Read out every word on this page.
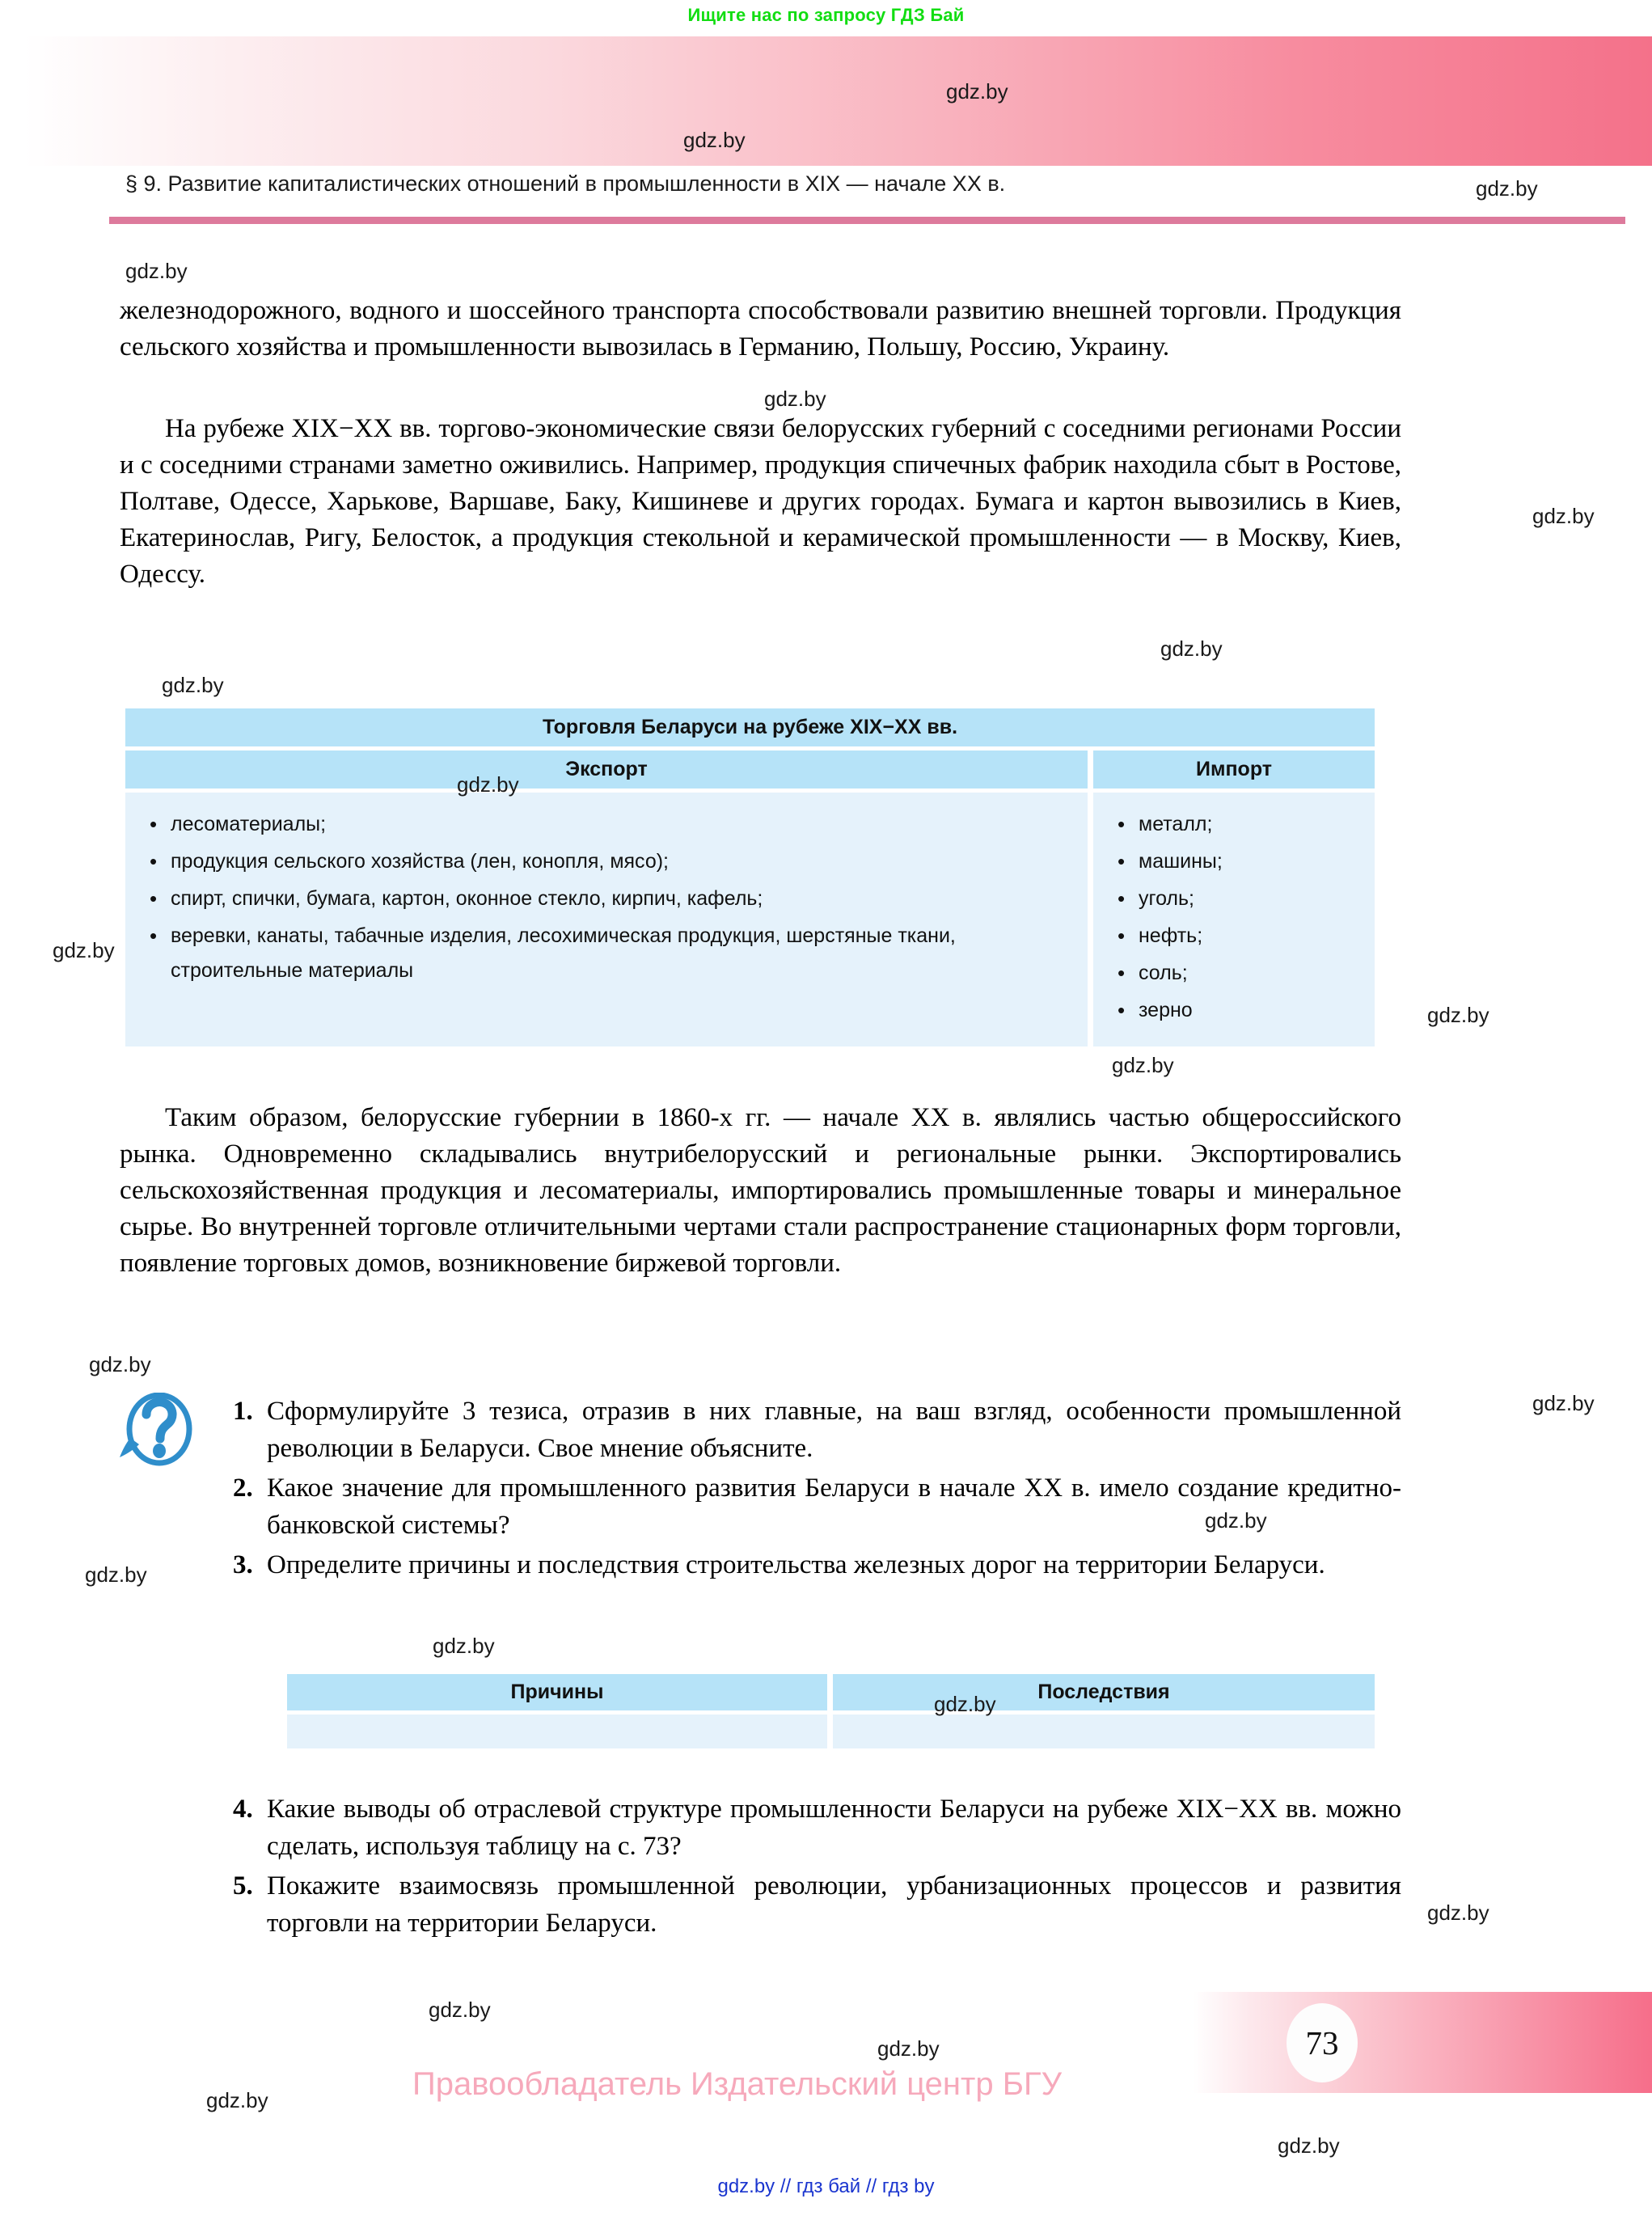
Ищите нас по запросу ГДЗ Бай
§ 9. Развитие капиталистических отношений в промышленности в XIX — начале XX в.

железнодорожного, водного и шоссейного транспорта способствовали развитию внешней торговли. Продукция сельского хозяйства и промышленности вывозилась в Германию, Польшу, Россию, Украину.

На рубеже XIX−XX вв. торгово-экономические связи белорусских губерний с соседними регионами России и с соседними странами заметно оживились. Например, продукция спичечных фабрик находила сбыт в Ростове, Полтаве, Одессе, Харькове, Варшаве, Баку, Кишиневе и других городах. Бумага и картон вывозились в Киев, Екатеринослав, Ригу, Белосток, а продукция стекольной и керамической промышленности — в Москву, Киев, Одессу.

Торговля Беларуси на рубеже XIX−XX вв.
Экспорт	Импорт
• лесоматериалы;
• продукция сельского хозяйства (лен, конопля, мясо);
• спирт, спички, бумага, картон, оконное стекло, кирпич, кафель;
• веревки, канаты, табачные изделия, лесохимическая продукция, шерстяные ткани, строительные материалы
• металл;
• машины;
• уголь;
• нефть;
• соль;
• зерно

Таким образом, белорусские губернии в 1860-х гг. — начале XX в. являлись частью общероссийского рынка. Одновременно складывались внутрибелорусский и региональные рынки. Экспортировались сельскохозяйственная продукция и лесоматериалы, импортировались промышленные товары и минеральное сырье. Во внутренней торговле отличительными чертами стали распространение стационарных форм торговли, появление торговых домов, возникновение биржевой торговли.

1. Сформулируйте 3 тезиса, отразив в них главные, на ваш взгляд, особенности промышленной революции в Беларуси. Свое мнение объясните.
2. Какое значение для промышленного развития Беларуси в начале XX в. имело создание кредитно-банковской системы?
3. Определите причины и последствия строительства железных дорог на территории Беларуси.
Причины	Последствия
4. Какие выводы об отраслевой структуре промышленности Беларуси на рубеже XIX−XX вв. можно сделать, используя таблицу на с. 73?
5. Покажите взаимосвязь промышленной революции, урбанизационных процессов и развития торговли на территории Беларуси.
73
Правообладатель Издательский центр БГУ
gdz.by // гдз бай // гдз by
gdz.by
gdz.by
gdz.by
gdz.by
gdz.by
gdz.by
gdz.by
gdz.by
gdz.by
gdz.by
gdz.by
gdz.by
gdz.by
gdz.by
gdz.by
gdz.by
gdz.by
gdz.by
gdz.by
gdz.by
gdz.by
gdz.by
gdz.by
